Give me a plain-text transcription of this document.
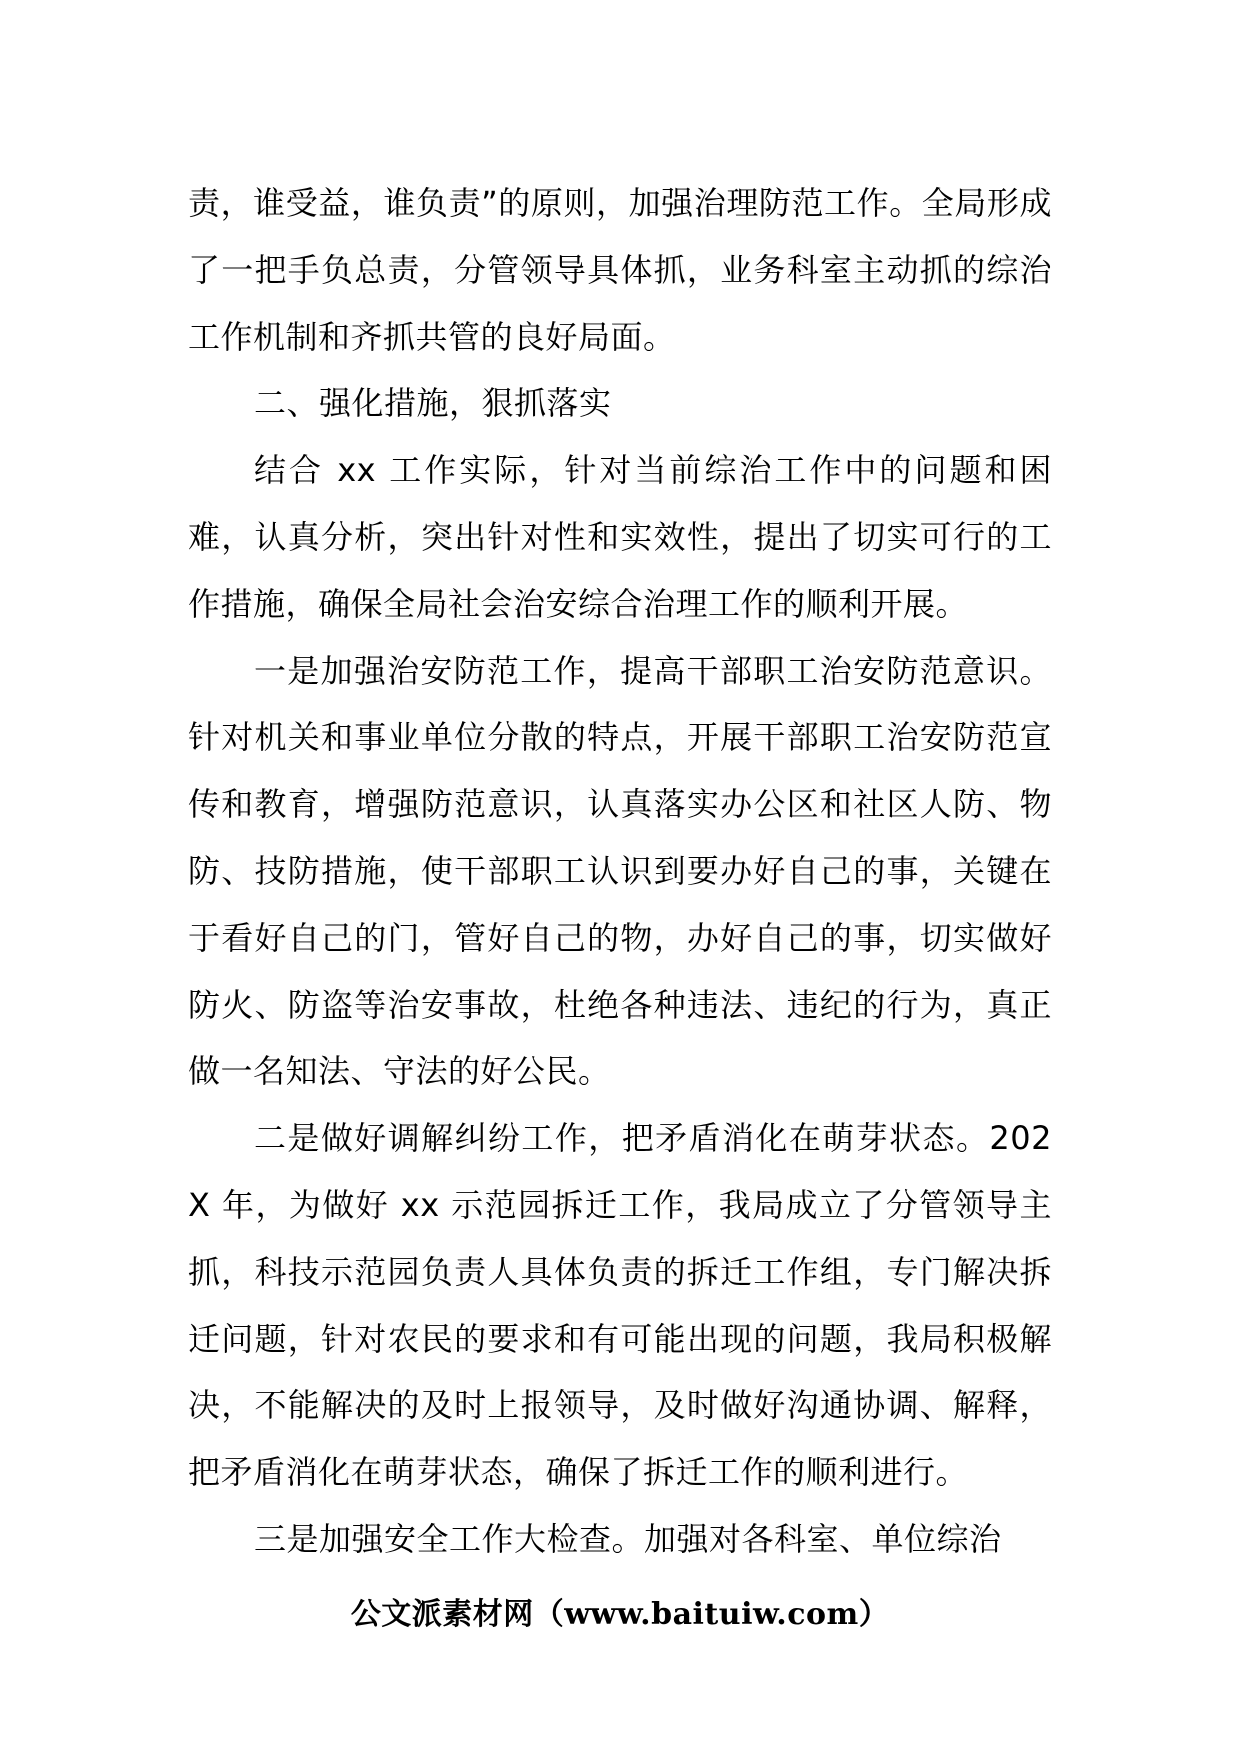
责，谁受益，谁负责”的原则，加强治理防范工作。全局形成了一把手负总责，分管领导具体抓，业务科室主动抓的综治工作机制和齐抓共管的良好局面。

二、强化措施，狠抓落实

结合 xx 工作实际，针对当前综治工作中的问题和困难，认真分析，突出针对性和实效性，提出了切实可行的工作措施，确保全局社会治安综合治理工作的顺利开展。

一是加强治安防范工作，提高干部职工治安防范意识。针对机关和事业单位分散的特点，开展干部职工治安防范宣传和教育，增强防范意识，认真落实办公区和社区人防、物防、技防措施，使干部职工认识到要办好自己的事，关键在于看好自己的门，管好自己的物，办好自己的事，切实做好防火、防盗等治安事故，杜绝各种违法、违纪的行为，真正做一名知法、守法的好公民。

二是做好调解纠纷工作，把矛盾消化在萌芽状态。202X 年，为做好 xx 示范园拆迁工作，我局成立了分管领导主抓，科技示范园负责人具体负责的拆迁工作组，专门解决拆迁问题，针对农民的要求和有可能出现的问题，我局积极解决，不能解决的及时上报领导，及时做好沟通协调、解释，把矛盾消化在萌芽状态，确保了拆迁工作的顺利进行。

三是加强安全工作大检查。加强对各科室、单位综治

公文派素材网（www.baituiw.com）
